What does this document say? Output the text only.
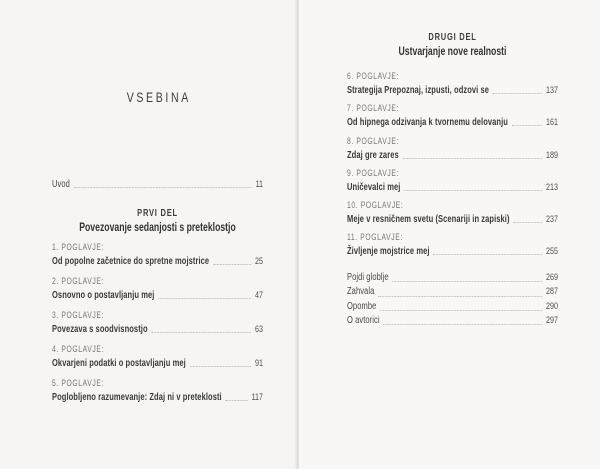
VSEBINA
Uvod	11
PRVI DEL
Povezovanje sedanjosti s preteklostjo
1. POGLAVJE:
Od popolne začetnice do spretne mojstrice	25
2. POGLAVJE:
Osnovno o postavljanju mej	47
3. POGLAVJE:
Povezava s soodvisnostjo	63
4. POGLAVJE:
Okvarjeni podatki o postavljanju mej	91
5. POGLAVJE:
Poglobljeno razumevanje: Zdaj ni v preteklosti	117
DRUGI DEL
Ustvarjanje nove realnosti
6. POGLAVJE:
Strategija Prepoznaj, izpusti, odzovi se	137
7. POGLAVJE:
Od hipnega odzivanja k tvornemu delovanju	161
8. POGLAVJE:
Zdaj gre zares	189
9. POGLAVJE:
Uničevalci mej	213
10. POGLAVJE:
Meje v resničnem svetu (Scenariji in zapiski)	237
11. POGLAVJE:
Življenje mojstrice mej	255
Pojdi globlje	269
Zahvala	287
Opombe	290
O avtorici	297
